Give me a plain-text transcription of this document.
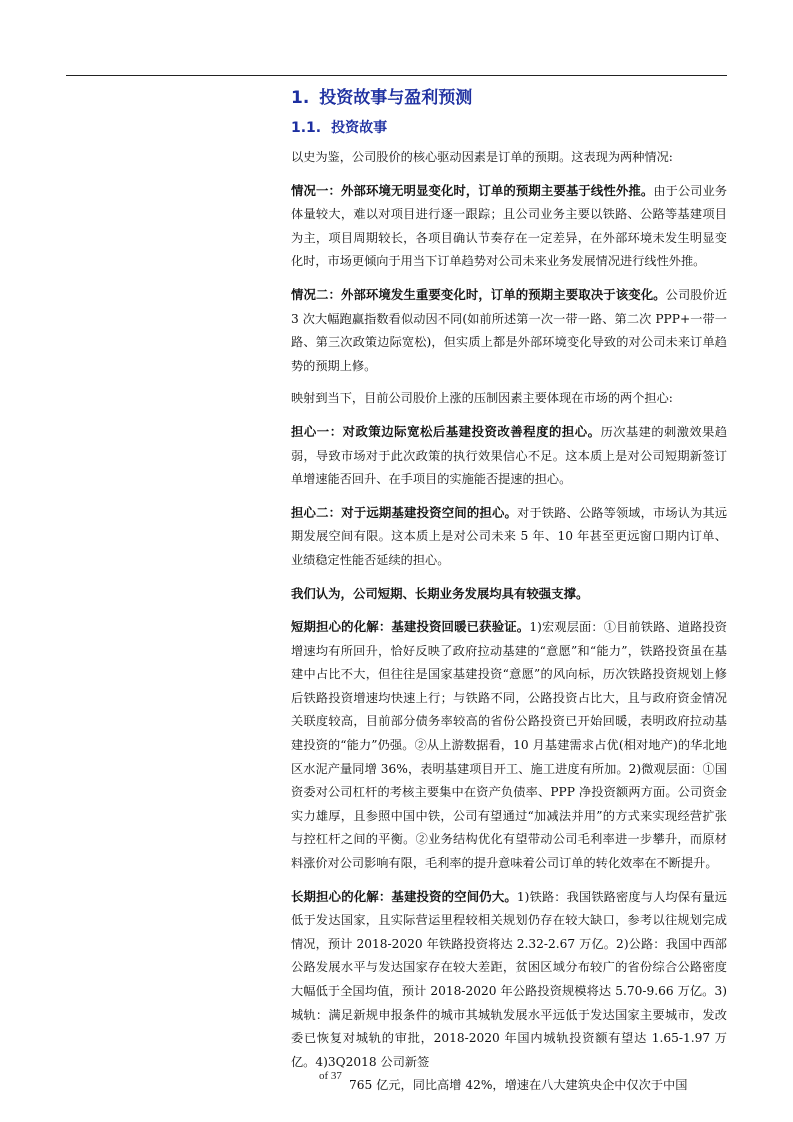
1. 投资故事与盈利预测
1.1. 投资故事

以史为鉴，公司股价的核心驱动因素是订单的预期。这表现为两种情况:

情况一：外部环境无明显变化时，订单的预期主要基于线性外推。由于公司业务体量较大，难以对项目进行逐一跟踪；且公司业务主要以铁路、公路等基建项目为主，项目周期较长，各项目确认节奏存在一定差异，在外部环境未发生明显变化时，市场更倾向于用当下订单趋势对公司未来业务发展情况进行线性外推。

情况二：外部环境发生重要变化时，订单的预期主要取决于该变化。公司股价近 3 次大幅跑赢指数看似动因不同(如前所述第一次一带一路、第二次 PPP+一带一路、第三次政策边际宽松)，但实质上都是外部环境变化导致的对公司未来订单趋势的预期上修。

映射到当下，目前公司股价上涨的压制因素主要体现在市场的两个担心:

担心一：对政策边际宽松后基建投资改善程度的担心。历次基建的刺激效果趋弱，导致市场对于此次政策的执行效果信心不足。这本质上是对公司短期新签订单增速能否回升、在手项目的实施能否提速的担心。

担心二：对于远期基建投资空间的担心。对于铁路、公路等领域，市场认为其远期发展空间有限。这本质上是对公司未来 5 年、10 年甚至更远窗口期内订单、业绩稳定性能否延续的担心。

我们认为，公司短期、长期业务发展均具有较强支撑。

短期担心的化解：基建投资回暖已获验证。1)宏观层面：①目前铁路、道路投资增速均有所回升，恰好反映了政府拉动基建的“意愿”和“能力”，铁路投资虽在基建中占比不大，但往往是国家基建投资“意愿”的风向标，历次铁路投资规划上修后铁路投资增速均快速上行；与铁路不同，公路投资占比大，且与政府资金情况关联度较高，目前部分债务率较高的省份公路投资已开始回暖，表明政府拉动基建投资的“能力”仍强。②从上游数据看，10 月基建需求占优(相对地产)的华北地区水泥产量同增 36%，表明基建项目开工、施工进度有所加。2)微观层面：①国资委对公司杠杆的考核主要集中在资产负债率、PPP 净投资额两方面。公司资金实力雄厚，且参照中国中铁，公司有望通过“加减法并用”的方式来实现经营扩张与控杠杆之间的平衡。②业务结构优化有望带动公司毛利率进一步攀升，而原材料涨价对公司影响有限，毛利率的提升意味着公司订单的转化效率在不断提升。

长期担心的化解：基建投资的空间仍大。1)铁路：我国铁路密度与人均保有量远低于发达国家，且实际营运里程较相关规划仍存在较大缺口，参考以往规划完成情况，预计 2018-2020 年铁路投资将达 2.32-2.67 万亿。2)公路：我国中西部公路发展水平与发达国家存在较大差距，贫困区域分布较广的省份综合公路密度大幅低于全国均值，预计 2018-2020 年公路投资规模将达 5.70-9.66 万亿。3)城轨：满足新规申报条件的城市其城轨发展水平远低于发达国家主要城市，发改委已恢复对城轨的审批，2018-2020 年国内城轨投资额有望达 1.65-1.97 万亿。4)3Q2018 公司新签

765 亿元，同比高增 42%，增速在八大建筑央企中仅次于中国

of 37
